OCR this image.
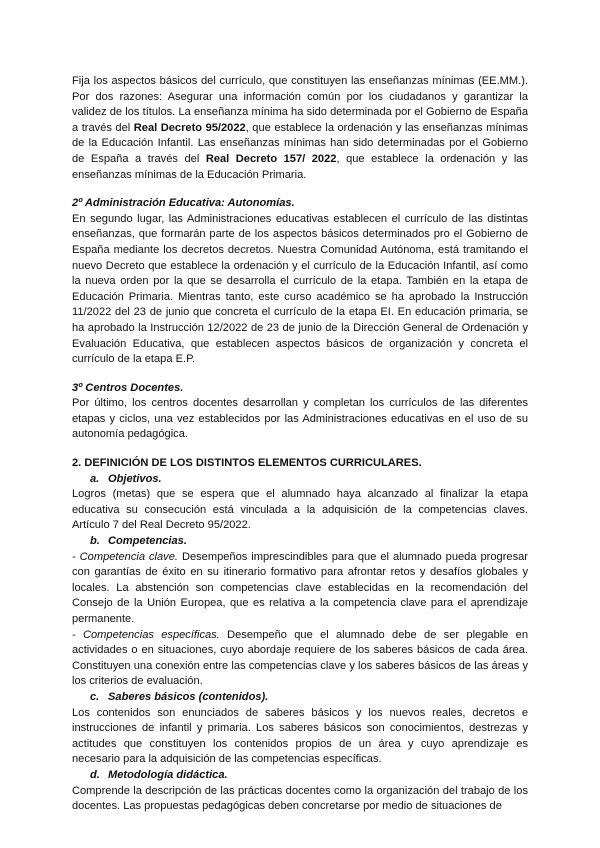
Fija los aspectos básicos del currículo, que constituyen las enseñanzas mínimas (EE.MM.). Por dos razones: Asegurar una información común por los ciudadanos y garantizar la validez de los títulos. La enseñanza mínima ha sido determinada por el Gobierno de España a través del Real Decreto 95/2022, que establece la ordenación y las enseñanzas mínimas de la Educación Infantil. Las enseñanzas mínimas han sido determinadas por el Gobierno de España a través del Real Decreto 157/ 2022, que establece la ordenación y las enseñanzas mínimas de la Educación Primaria.

2º Administración Educativa: Autonomías.

En segundo lugar, las Administraciones educativas establecen el currículo de las distintas enseñanzas, que formarán parte de los aspectos básicos determinados pro el Gobierno de España mediante los decretos decretos. Nuestra Comunidad Autónoma, está tramitando el nuevo Decreto que establece la ordenación y el currículo de la Educación Infantil, así como la nueva orden por la que se desarrolla el currículo de la etapa. También en la etapa de Educación Primaria. Mientras tanto, este curso académico se ha aprobado la Instrucción 11/2022 del 23 de junio que concreta el currículo de la etapa EI. En educación primaria, se ha aprobado la Instrucción 12/2022 de 23 de junio de la Dirección General de Ordenación y Evaluación Educativa, que establecen aspectos básicos de organización y concreta el currículo de la etapa E.P.

3º Centros Docentes.

Por último, los centros docentes desarrollan y completan los currículos de las diferentes etapas y ciclos, una vez establecidos por las Administraciones educativas en el uso de su autonomía pedagógica.

2. DEFINICIÓN DE LOS DISTINTOS ELEMENTOS CURRICULARES.

a. Objetivos.

Logros (metas) que se espera que el alumnado haya alcanzado al finalizar la etapa educativa su consecución está vinculada a la adquisición de la competencias claves. Artículo 7 del Real Decreto 95/2022.

b. Competencias.

- Competencia clave. Desempeños imprescindibles para que el alumnado pueda progresar con garantías de éxito en su itinerario formativo para afrontar retos y desafíos globales y locales. La abstención son competencias clave establecidas en la recomendación del Consejo de la Unión Europea, que es relativa a la competencia clave para el aprendizaje permanente.

- Competencias específicas. Desempeño que el alumnado debe de ser plegable en actividades o en situaciones, cuyo abordaje requiere de los saberes básicos de cada área. Constituyen una conexión entre las competencias clave y los saberes básicos de las áreas y los criterios de evaluación.

c. Saberes básicos (contenidos).

Los contenidos son enunciados de saberes básicos y los nuevos reales, decretos e instrucciones de infantil y primaria. Los saberes básicos son conocimientos, destrezas y actitudes que constituyen los contenidos propios de un área y cuyo aprendizaje es necesario para la adquisición de las competencias específicas.

d. Metodología didáctica.

Comprende la descripción de las prácticas docentes como la organización del trabajo de los docentes. Las propuestas pedagógicas deben concretarse por medio de situaciones de
